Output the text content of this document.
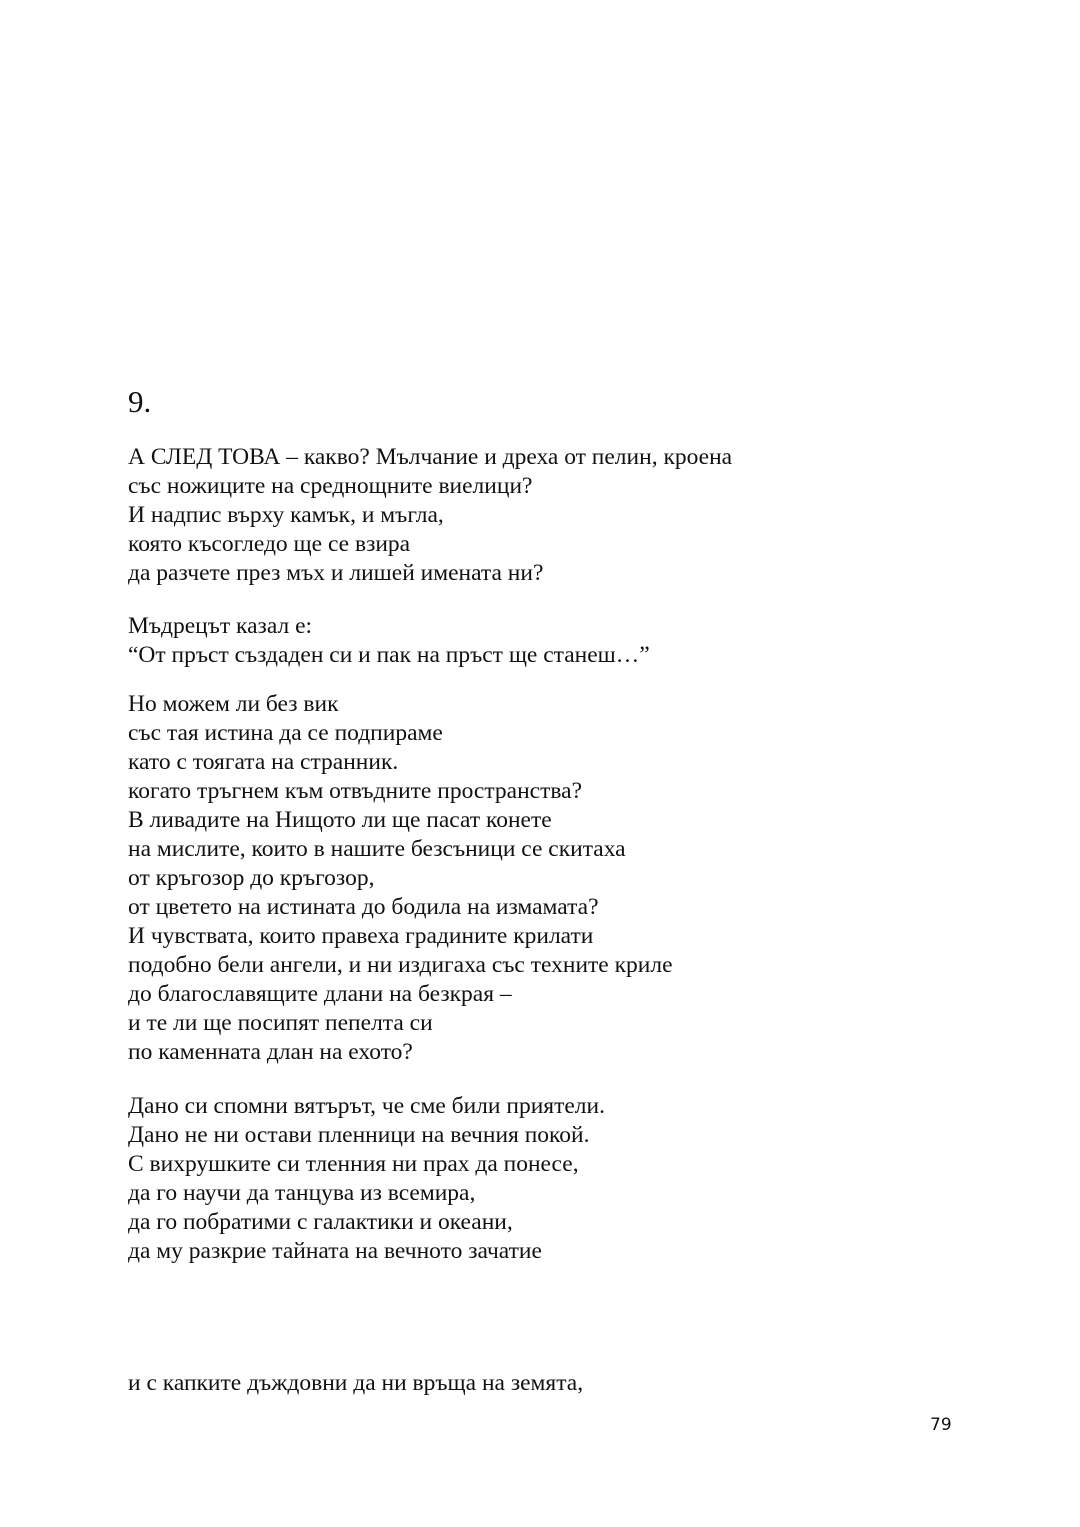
9.

А СЛЕД ТОВА – какво? Мълчание и дреха от пелин, кроена
със ножиците на среднощните виелици?
И надпис върху камък, и мъгла,
която късогледо ще се взира
да разчете през мъх и лишей имената ни?

Мъдрецът казал е:
“От пръст създаден си и пак на пръст ще станеш…”

Но можем ли без вик
със тая истина да се подпираме
като с тоягата на странник.
когато тръгнем към отвъдните пространства?
В ливадите на Нищото ли ще пасат конете
на мислите, които в нашите безсъници се скитаха
от кръгозор до кръгозор,
от цветето на истината до бодила на измамата?
И чувствата, които правеха градините крилати
подобно бели ангели, и ни издигаха със техните криле
до благославящите длани на безкрая –
и те ли ще посипят пепелта си
по каменната длан на ехото?

Дано си спомни вятърът, че сме били приятели.
Дано не ни остави пленници на вечния покой.
С вихрушките си тленния ни прах да понесе,
да го научи да танцува из всемира,
да го побратими с галактики и океани,
да му разкрие тайната на вечното зачатие

и с капките дъждовни да ни връща на земята,

79
